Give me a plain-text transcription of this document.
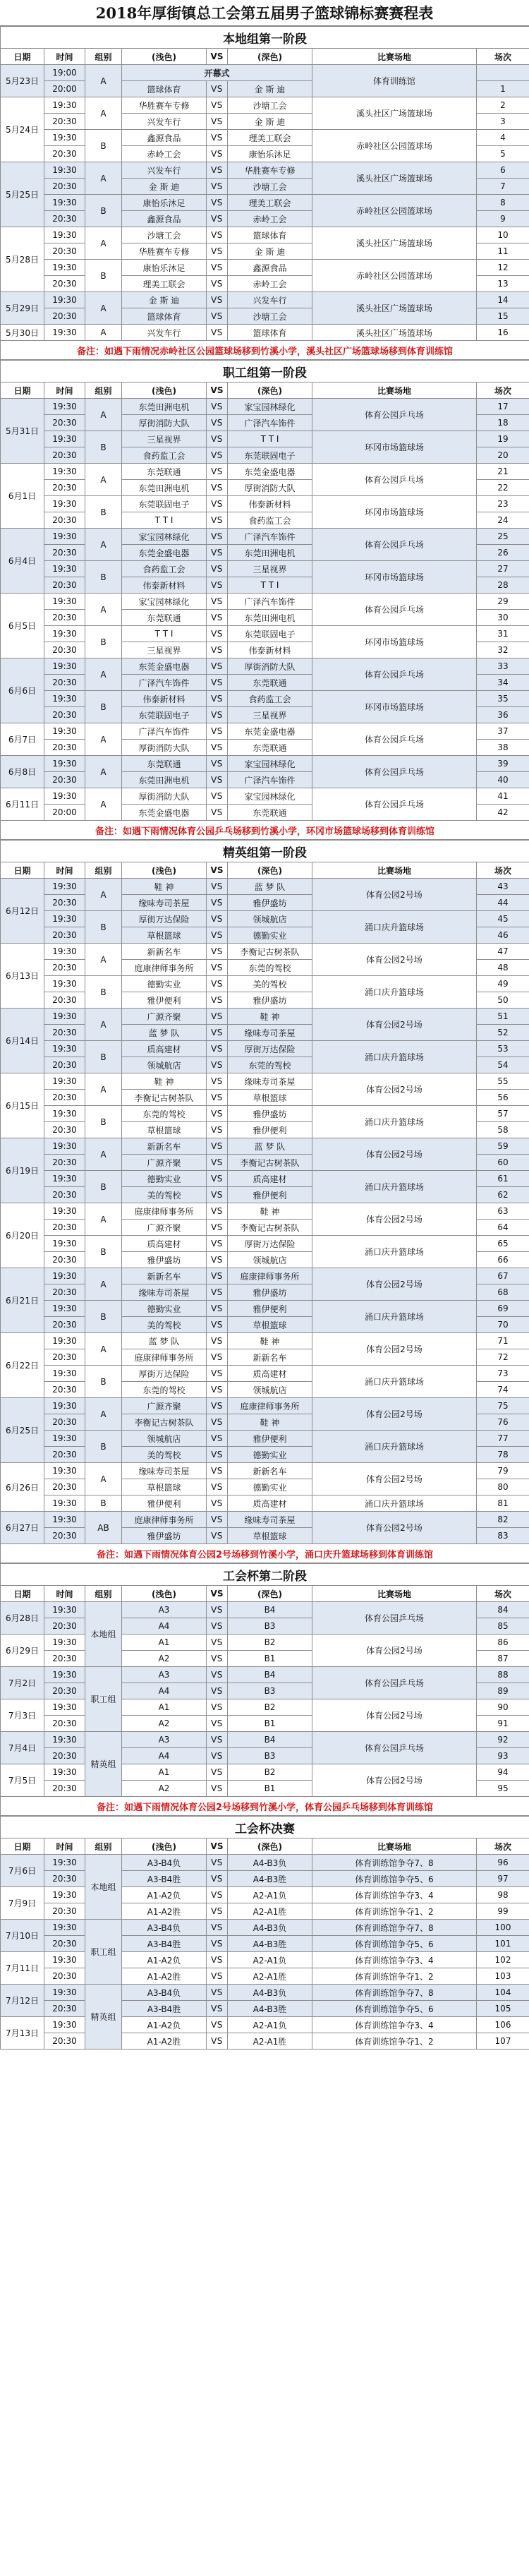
2018年厚街镇总工会第五届男子篮球锦标赛赛程表
本地组第一阶段							
日期	时间	组别	(浅色)	VS	(深色)	比赛场地	场次
5月23日	19:00	A	开幕式			体育训练馆	
	20:00		篮球体育	VS	金 斯 迪		1
5月24日	19:30	A	华胜赛车专修	VS	沙塘工会	溪头社区广场篮球场	2
	20:30		兴发车行	VS	金 斯 迪		3
	19:30	B	鑫源食品	VS	理美工联会	赤岭社区公园篮球场	4
	20:30		赤岭工会	VS	康怡乐沐足		5
5月25日	19:30	A	兴发车行	VS	华胜赛车专修	溪头社区广场篮球场	6
	20:30		金 斯 迪	VS	沙塘工会		7
	19:30	B	康怡乐沐足	VS	理美工联会	赤岭社区公园篮球场	8
	20:30		鑫源食品	VS	赤岭工会		9
5月28日	19:30	A	沙塘工会	VS	篮球体育	溪头社区广场篮球场	10
	20:30		华胜赛车专修	VS	金 斯 迪		11
	19:30	B	康怡乐沐足	VS	鑫源食品	赤岭社区公园篮球场	12
	20:30		理美工联会	VS	赤岭工会		13
5月29日	19:30	A	金 斯 迪	VS	兴发车行	溪头社区广场篮球场	14
	20:30		篮球体育	VS	沙塘工会		15
5月30日	19:30	A	兴发车行	VS	篮球体育	溪头社区广场篮球场	16
备注：如遇下雨情况赤岭社区公园篮球场移到竹溪小学，溪头社区广场篮球场移到体育训练馆							
职工组第一阶段							
日期	时间	组别	(浅色)	VS	(深色)	比赛场地	场次
5月31日	19:30	A	东莞田洲电机	VS	家宝园林绿化	体育公园乒乓场	17
	20:30		厚街消防大队	VS	广泽汽车饰件		18
	19:30	B	三星视界	VS	T T I	环冈市场篮球场	19
	20:30		食药监工会	VS	东莞联固电子		20
6月1日	19:30	A	东莞联通	VS	东莞金盛电器	体育公园乒乓场	21
	20:30		东莞田洲电机	VS	厚街消防大队		22
	19:30	B	东莞联固电子	VS	伟泰新材料	环冈市场篮球场	23
	20:30		T T I	VS	食药监工会		24
6月4日	19:30	A	家宝园林绿化	VS	广泽汽车饰件	体育公园乒乓场	25
	20:30		东莞金盛电器	VS	东莞田洲电机		26
	19:30	B	食药监工会	VS	三星视界	环冈市场篮球场	27
	20:30		伟泰新材料	VS	T T I		28
6月5日	19:30	A	家宝园林绿化	VS	广泽汽车饰件	体育公园乒乓场	29
	20:30		东莞联通	VS	东莞田洲电机		30
	19:30	B	T T I	VS	东莞联固电子	环冈市场篮球场	31
	20:30		三星视界	VS	伟泰新材料		32
6月6日	19:30	A	东莞金盛电器	VS	厚街消防大队	体育公园乒乓场	33
	20:30		广泽汽车饰件	VS	东莞联通		34
	19:30	B	伟泰新材料	VS	食药监工会	环冈市场篮球场	35
	20:30		东莞联固电子	VS	三星视界		36
6月7日	19:30	A	广泽汽车饰件	VS	东莞金盛电器	体育公园乒乓场	37
	20:30		厚街消防大队	VS	东莞联通		38
6月8日	19:30	A	东莞联通	VS	家宝园林绿化	体育公园乒乓场	39
	20:30		东莞田洲电机	VS	广泽汽车饰件		40
6月11日	19:30	A	厚街消防大队	VS	家宝园林绿化	体育公园乒乓场	41
	20:00		东莞金盛电器	VS	东莞联通		42
备注：如遇下雨情况体育公园乒乓场移到竹溪小学，环冈市场篮球场移到体育训练馆							
精英组第一阶段							
日期	时间	组别	(浅色)	VS	(深色)	比赛场地	场次
6月12日	19:30	A	鞋 神	VS	蓝 梦 队	体育公园2号场	43
	20:30		缘味寿司茶屋	VS	雅伊盛坊		44
	19:30	B	厚街万达保险	VS	领城航店	涌口庆升篮球场	45
	20:30		草根篮球	VS	德勤实业		46
6月13日	19:30	A	新新名车	VS	李衡记古树茶队	体育公园2号场	47
	20:30		庭康律师事务所	VS	东莞的驾校		48
	19:30	B	德勤实业	VS	美的驾校	涌口庆升篮球场	49
	20:30		雅伊便利	VS	雅伊盛坊		50
6月14日	19:30	A	广源齐聚	VS	鞋 神	体育公园2号场	51
	20:30		蓝 梦 队	VS	缘味寿司茶屋		52
	19:30	B	质高建材	VS	厚街万达保险	涌口庆升篮球场	53
	20:30		领城航店	VS	东莞的驾校		54
6月15日	19:30	A	鞋 神	VS	缘味寿司茶屋	体育公园2号场	55
	20:30		李衡记古树茶队	VS	草根篮球		56
	19:30	B	东莞的驾校	VS	雅伊盛坊	涌口庆升篮球场	57
	20:30		草根篮球	VS	雅伊便利		58
6月19日	19:30	A	新新名车	VS	蓝 梦 队	体育公园2号场	59
	20:30		广源齐聚	VS	李衡记古树茶队		60
	19:30	B	德勤实业	VS	质高建材	涌口庆升篮球场	61
	20:30		美的驾校	VS	雅伊便利		62
6月20日	19:30	A	庭康律师事务所	VS	鞋 神	体育公园2号场	63
	20:30		广源齐聚	VS	李衡记古树茶队		64
	19:30	B	质高建材	VS	厚街万达保险	涌口庆升篮球场	65
	20:30		雅伊盛坊	VS	领城航店		66
6月21日	19:30	A	新新名车	VS	庭康律师事务所	体育公园2号场	67
	20:30		缘味寿司茶屋	VS	雅伊盛坊		68
	19:30	B	德勤实业	VS	雅伊便利	涌口庆升篮球场	69
	20:30		美的驾校	VS	草根篮球		70
6月22日	19:30	A	蓝 梦 队	VS	鞋 神	体育公园2号场	71
	20:30		庭康律师事务所	VS	新新名车		72
	19:30	B	厚街万达保险	VS	质高建材	涌口庆升篮球场	73
	20:30		东莞的驾校	VS	领城航店		74
6月25日	19:30	A	广源齐聚	VS	庭康律师事务所	体育公园2号场	75
	20:30		李衡记古树茶队	VS	鞋 神		76
	19:30	B	领城航店	VS	雅伊便利	涌口庆升篮球场	77
	20:30		美的驾校	VS	德勤实业		78
6月26日	19:30	A	缘味寿司茶屋	VS	新新名车	体育公园2号场	79
	20:30		草根篮球	VS	德勤实业		80
	19:30	B	雅伊便利	VS	质高建材	涌口庆升篮球场	81
6月27日	19:30	AB	庭康律师事务所	VS	缘味寿司茶屋	体育公园2号场	82
	20:30		雅伊盛坊	VS	草根篮球		83
备注：如遇下雨情况体育公园2号场移到竹溪小学，涌口庆升篮球场移到体育训练馆							
工会杯第二阶段							
日期	时间	组别	(浅色)	VS	(深色)	比赛场地	场次
6月28日	19:30	本地组	A3	VS	B4	体育公园乒乓场	84
	20:30		A4	VS	B3		85
6月29日	19:30		A1	VS	B2	体育公园2号场	86
	20:30		A2	VS	B1		87
7月2日	19:30	职工组	A3	VS	B4	体育公园乒乓场	88
	20:30		A4	VS	B3		89
7月3日	19:30		A1	VS	B2	体育公园2号场	90
	20:30		A2	VS	B1		91
7月4日	19:30	精英组	A3	VS	B4	体育公园乒乓场	92
	20:30		A4	VS	B3		93
7月5日	19:30		A1	VS	B2	体育公园2号场	94
	20:30		A2	VS	B1		95
备注：如遇下雨情况体育公园2号场移到竹溪小学，体育公园乒乓场移到体育训练馆							
工会杯决赛							
日期	时间	组别	(浅色)	VS	(深色)	比赛场地	场次
7月6日	19:30	本地组	A3-B4负	VS	A4-B3负	体育训练馆争夺7、8	96
	20:30		A3-B4胜	VS	A4-B3胜	体育训练馆争夺5、6	97
7月9日	19:30		A1-A2负	VS	A2-A1负	体育训练馆争夺3、4	98
	20:30		A1-A2胜	VS	A2-A1胜	体育训练馆争夺1、2	99
7月10日	19:30	职工组	A3-B4负	VS	A4-B3负	体育训练馆争夺7、8	100
	20:30		A3-B4胜	VS	A4-B3胜	体育训练馆争夺5、6	101
7月11日	19:30		A1-A2负	VS	A2-A1负	体育训练馆争夺3、4	102
	20:30		A1-A2胜	VS	A2-A1胜	体育训练馆争夺1、2	103
7月12日	19:30	精英组	A3-B4负	VS	A4-B3负	体育训练馆争夺7、8	104
	20:30		A3-B4胜	VS	A4-B3胜	体育训练馆争夺5、6	105
7月13日	19:30		A1-A2负	VS	A2-A1负	体育训练馆争夺3、4	106
	20:30		A1-A2胜	VS	A2-A1胜	体育训练馆争夺1、2	107
